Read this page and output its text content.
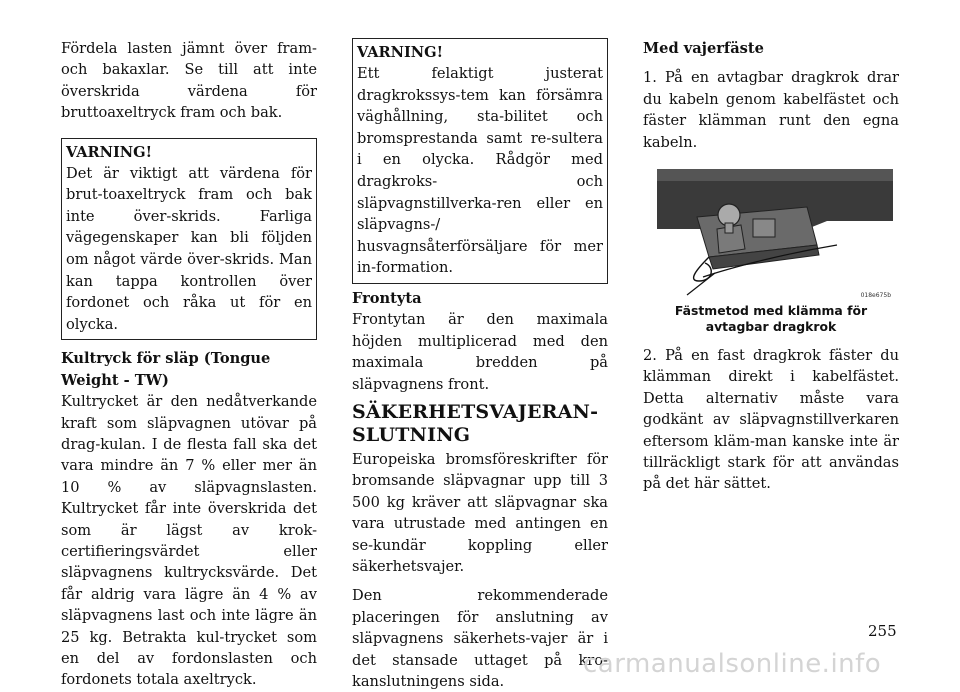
Fördela lasten jämnt över fram- och bakaxlar. Se till att inte överskrida värdena för bruttoaxeltryck fram och bak.

VARNING!
Det är viktigt att värdena för brut-toaxeltryck fram och bak inte över-skrids. Farliga vägegenskaper kan bli följden om något värde över-skrids. Man kan tappa kontrollen över fordonet och råka ut för en olycka.
Kultryck för släp (Tongue Weight - TW)

Kultrycket är den nedåtverkande kraft som släpvagnen utövar på drag-kulan. I de flesta fall ska det vara mindre än 7 % eller mer än 10 % av släpvagnslasten. Kultrycket får inte överskrida det som är lägst av krok-certifieringsvärdet eller släpvagnens kultrycksvärde. Det får aldrig vara lägre än 4 % av släpvagnens last och inte lägre än 25 kg. Betrakta kul-trycket som en del av fordonslasten och fordonets totala axeltryck.

VARNING!
Ett felaktigt justerat dragkrokssys-tem kan försämra väghållning, sta-bilitet och bromsprestanda samt re-sultera i en olycka. Rådgör med dragkroks- och släpvagnstillverka-ren eller en släpvagns-/ husvagnsåterförsäljare för mer in-formation.
Frontyta

Frontytan är den maximala höjden multiplicerad med den maximala bredden på släpvagnens front.

SÄKERHETSVAJERAN-SLUTNING

Europeiska bromsföreskrifter för bromsande släpvagnar upp till 3 500 kg kräver att släpvagnar ska vara utrustade med antingen en se-kundär koppling eller säkerhetsvajer.

Den rekommenderade placeringen för anslutning av släpvagnens säkerhets-vajer är i det stansade uttaget på kro-kanslutningens sida.

Med vajerfäste

1. På en avtagbar dragkrok drar du kabeln genom kabelfästet och fäster klämman runt den egna kabeln.

018e675b
Fästmetod med klämma för avtagbar dragkrok

2. På en fast dragkrok fäster du klämman direkt i kabelfästet. Detta alternativ måste vara godkänt av släpvagnstillverkaren eftersom kläm-man kanske inte är tillräckligt stark för att användas på det här sättet.

255
carmanualsonline.info
